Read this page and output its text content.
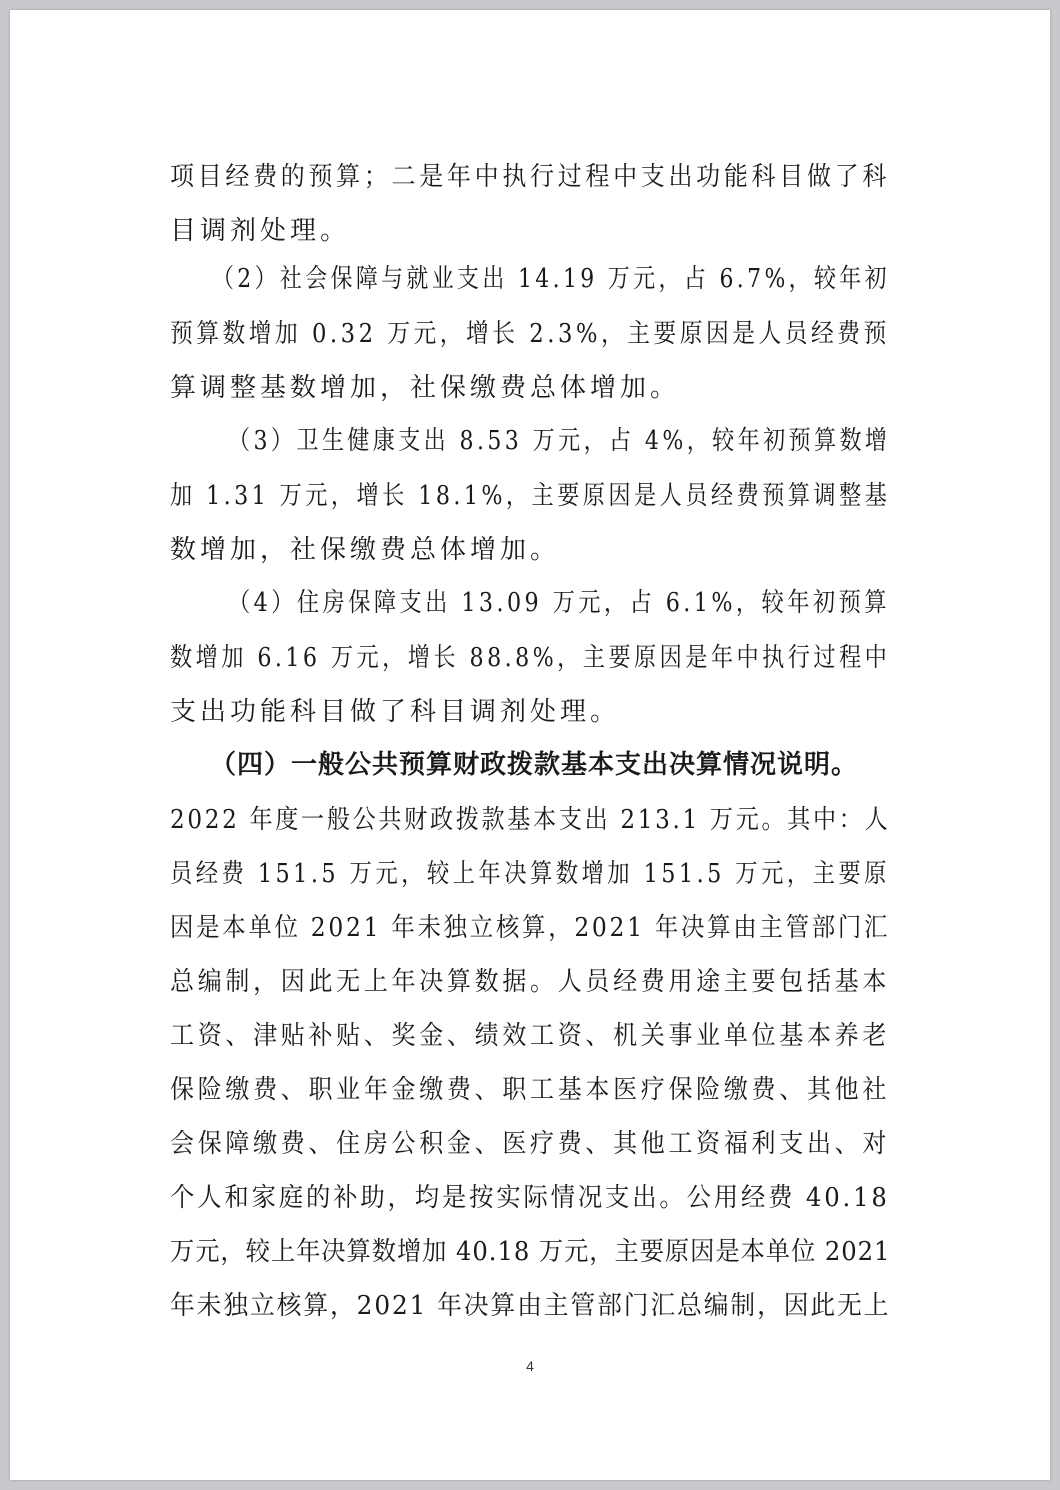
项目经费的预算；二是年中执行过程中支出功能科目做了科
目调剂处理。
（2）社会保障与就业支出 14.19 万元，占 6.7%，较年初
预算数增加 0.32 万元，增长 2.3%，主要原因是人员经费预
算调整基数增加，社保缴费总体增加。
（3）卫生健康支出 8.53 万元，占 4%，较年初预算数增
加 1.31 万元，增长 18.1%，主要原因是人员经费预算调整基
数增加，社保缴费总体增加。
（4）住房保障支出 13.09 万元，占 6.1%，较年初预算
数增加 6.16 万元，增长 88.8%，主要原因是年中执行过程中
支出功能科目做了科目调剂处理。
（四）一般公共预算财政拨款基本支出决算情况说明。
2022 年度一般公共财政拨款基本支出 213.1 万元。其中：人
员经费 151.5 万元，较上年决算数增加 151.5 万元，主要原
因是本单位 2021 年未独立核算，2021 年决算由主管部门汇
总编制，因此无上年决算数据。人员经费用途主要包括基本
工资、津贴补贴、奖金、绩效工资、机关事业单位基本养老
保险缴费、职业年金缴费、职工基本医疗保险缴费、其他社
会保障缴费、住房公积金、医疗费、其他工资福利支出、对
个人和家庭的补助，均是按实际情况支出。公用经费 40.18
万元，较上年决算数增加 40.18 万元，主要原因是本单位 2021
年未独立核算，2021 年决算由主管部门汇总编制，因此无上
4
